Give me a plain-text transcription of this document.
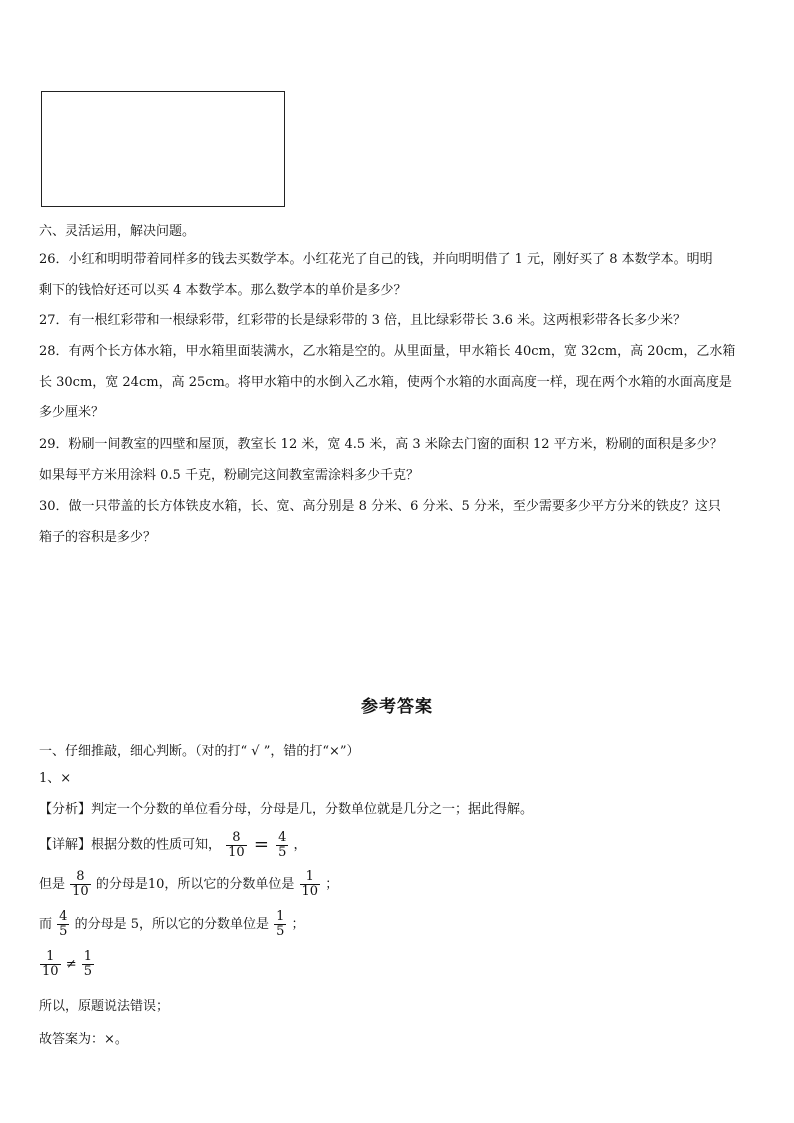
六、灵活运用，解决问题。
26．小红和明明带着同样多的钱去买数学本。小红花光了自己的钱，并向明明借了 1 元，刚好买了 8 本数学本。明明
剩下的钱恰好还可以买 4 本数学本。那么数学本的单价是多少？
27．有一根红彩带和一根绿彩带，红彩带的长是绿彩带的 3 倍，且比绿彩带长 3.6 米。这两根彩带各长多少米？
28．有两个长方体水箱，甲水箱里面装满水，乙水箱是空的。从里面量，甲水箱长 40cm，宽 32cm，高 20cm，乙水箱
长 30cm，宽 24cm，高 25cm。将甲水箱中的水倒入乙水箱，使两个水箱的水面高度一样，现在两个水箱的水面高度是
多少厘米？
29．粉刷一间教室的四壁和屋顶，教室长 12 米，宽 4.5 米，高 3 米除去门窗的面积 12 平方米，粉刷的面积是多少？
如果每平方米用涂料 0.5 千克，粉刷完这间教室需涂料多少千克？
30．做一只带盖的长方体铁皮水箱，长、宽、高分别是 8 分米、6 分米、5 分米，至少需要多少平方分米的铁皮？这只
箱子的容积是多少？
参考答案
一、仔细推敲，细心判断。（对的打“ √ ”，错的打“×”）
1、×
【分析】判定一个分数的单位看分母，分母是几，分数单位就是几分之一；据此得解。
【详解】根据分数的性质可知， $\frac{8}{10} = \frac{4}{5}$ ，
但是 $\frac{8}{10}$ 的分母是10，所以它的分数单位是 $\frac{1}{10}$ ；
而 $\frac{4}{5}$ 的分母是 5，所以它的分数单位是 $\frac{1}{5}$ ；
$\frac{1}{10} \ne \frac{1}{5}$
所以，原题说法错误；
故答案为：×。
